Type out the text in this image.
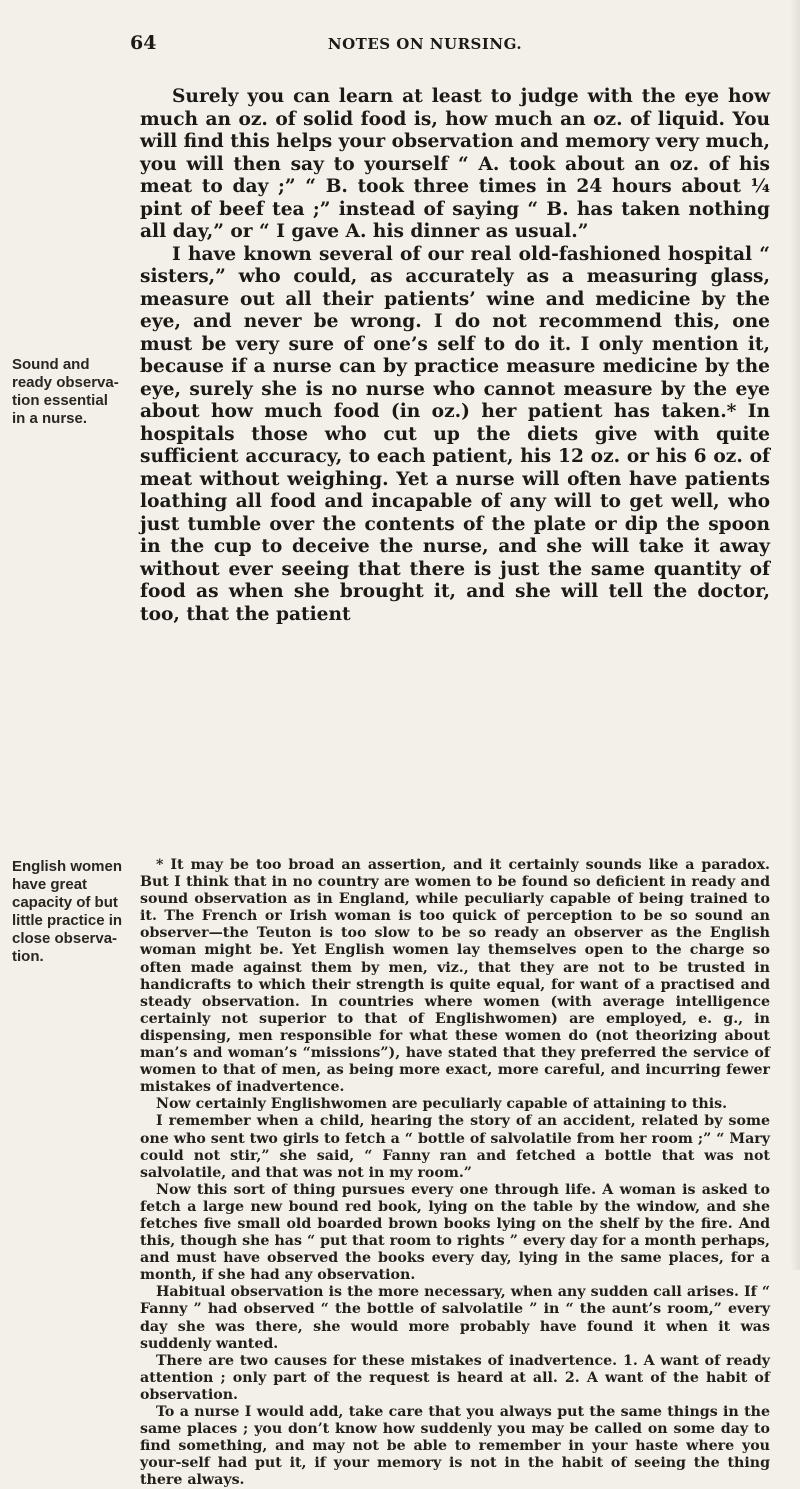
64	NOTES ON NURSING.
Sound and ready observa- tion essential in a nurse.

Surely you can learn at least to judge with the eye how much an oz. of solid food is, how much an oz. of liquid. You will find this helps your observation and memory very much, you will then say to yourself “ A. took about an oz. of his meat to day ;” “ B. took three times in 24 hours about ¼ pint of beef tea ;” instead of saying “ B. has taken nothing all day,” or “ I gave A. his dinner as usual.”

I have known several of our real old-fashioned hospital “ sisters,” who could, as accurately as a measuring glass, measure out all their patients’ wine and medicine by the eye, and never be wrong. I do not recommend this, one must be very sure of one’s self to do it. I only mention it, because if a nurse can by practice measure medicine by the eye, surely she is no nurse who cannot measure by the eye about how much food (in oz.) her patient has taken.* In hospitals those who cut up the diets give with quite sufficient accuracy, to each patient, his 12 oz. or his 6 oz. of meat without weighing. Yet a nurse will often have patients loathing all food and incapable of any will to get well, who just tumble over the contents of the plate or dip the spoon in the cup to deceive the nurse, and she will take it away without ever seeing that there is just the same quantity of food as when she brought it, and she will tell the doctor, too, that the patient

English women have great capacity of but little practice in close observa- tion.

* It may be too broad an assertion, and it certainly sounds like a paradox. But I think that in no country are women to be found so deficient in ready and sound observation as in England, while peculiarly capable of being trained to it. The French or Irish woman is too quick of perception to be so sound an observer—the Teuton is too slow to be so ready an observer as the English woman might be. Yet English women lay themselves open to the charge so often made against them by men, viz., that they are not to be trusted in handicrafts to which their strength is quite equal, for want of a practised and steady observation. In countries where women (with average intelligence certainly not superior to that of Englishwomen) are employed, e. g., in dispensing, men responsible for what these women do (not theorizing about man’s and woman’s “missions”), have stated that they preferred the service of women to that of men, as being more exact, more careful, and incurring fewer mistakes of inadvertence.

Now certainly Englishwomen are peculiarly capable of attaining to this.

I remember when a child, hearing the story of an accident, related by some one who sent two girls to fetch a “ bottle of salvolatile from her room ;” “ Mary could not stir,” she said, “ Fanny ran and fetched a bottle that was not salvolatile, and that was not in my room.”

Now this sort of thing pursues every one through life. A woman is asked to fetch a large new bound red book, lying on the table by the window, and she fetches five small old boarded brown books lying on the shelf by the fire. And this, though she has “ put that room to rights ” every day for a month perhaps, and must have observed the books every day, lying in the same places, for a month, if she had any observation.

Habitual observation is the more necessary, when any sudden call arises. If “ Fanny ” had observed “ the bottle of salvolatile ” in “ the aunt’s room,” every day she was there, she would more probably have found it when it was suddenly wanted.

There are two causes for these mistakes of inadvertence. 1. A want of ready attention ; only part of the request is heard at all. 2. A want of the habit of observation.

To a nurse I would add, take care that you always put the same things in the same places ; you don’t know how suddenly you may be called on some day to find something, and may not be able to remember in your haste where you your-self had put it, if your memory is not in the habit of seeing the thing there always.
